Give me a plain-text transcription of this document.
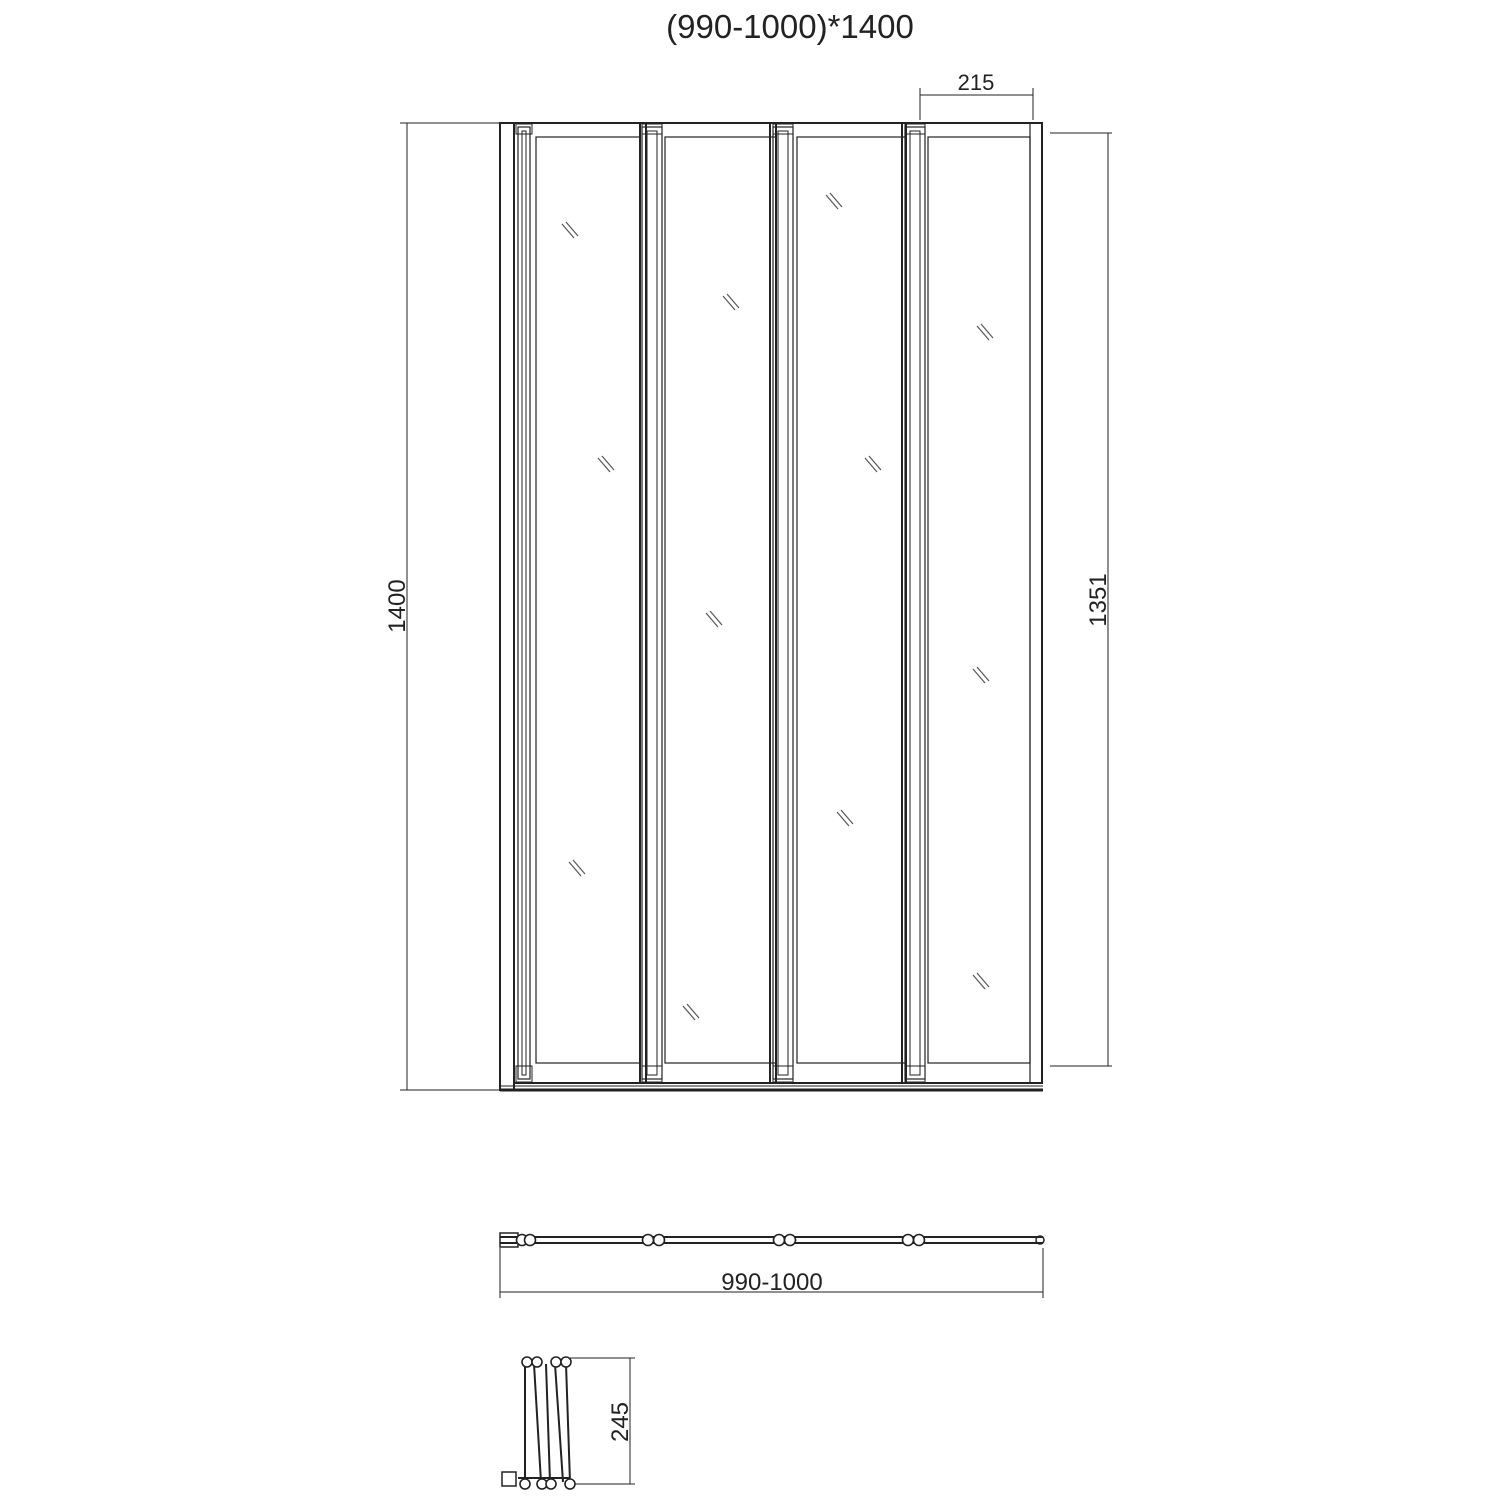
(990-1000)*1400
215
1400	1351
990-1000
245
